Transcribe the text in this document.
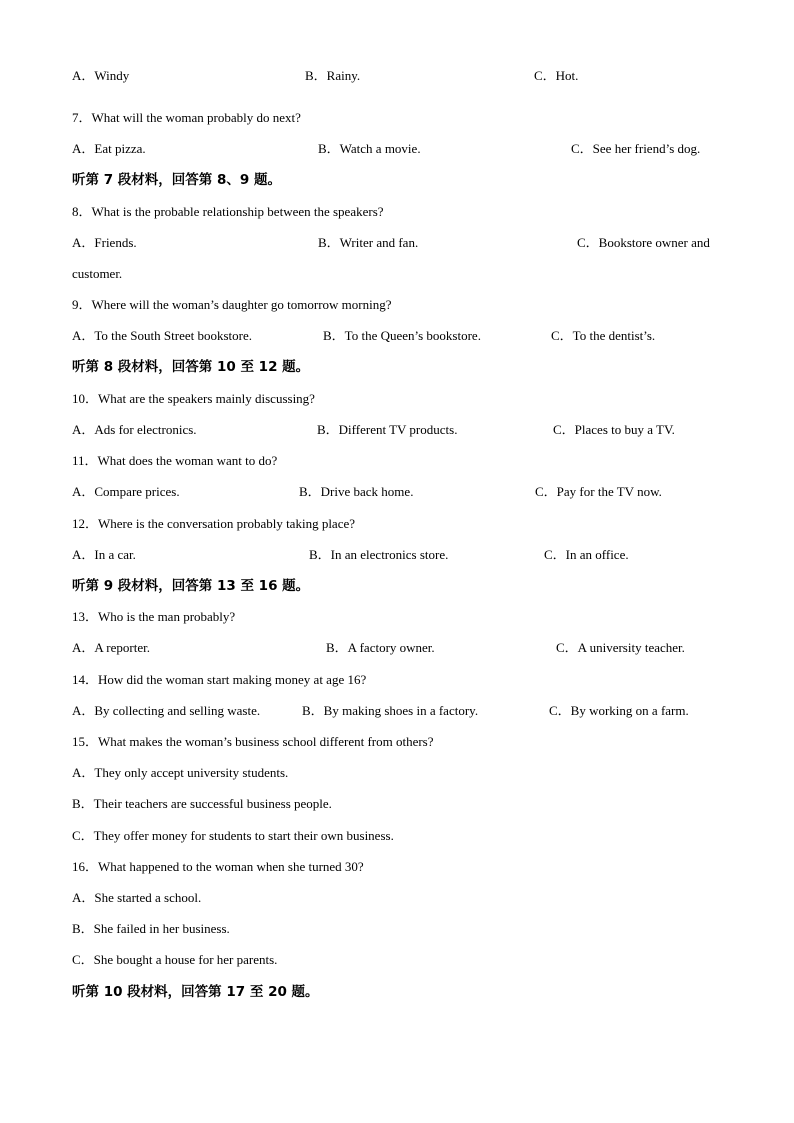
A．Windy	B．Rainy.	C．Hot.
7．What will the woman probably do next?
A．Eat pizza.	B．Watch a movie.	C．See her friend’s dog.
听第 7 段材料，回答第 8、9 题。
8．What is the probable relationship between the speakers?
A．Friends.	B．Writer and fan.	C．Bookstore owner and
customer.
9．Where will the woman’s daughter go tomorrow morning?
A．To the South Street bookstore.	B．To the Queen’s bookstore.	C．To the dentist’s.
听第 8 段材料，回答第 10 至 12 题。
10．What are the speakers mainly discussing?
A．Ads for electronics.	B．Different TV products.	C．Places to buy a TV.
11．What does the woman want to do?
A．Compare prices.	B．Drive back home.	C．Pay for the TV now.
12．Where is the conversation probably taking place?
A．In a car.	B．In an electronics store.	C．In an office.
听第 9 段材料，回答第 13 至 16 题。
13．Who is the man probably?
A．A reporter.	B．A factory owner.	C．A university teacher.
14．How did the woman start making money at age 16?
A．By collecting and selling waste.	B．By making shoes in a factory.	C．By working on a farm.
15．What makes the woman’s business school different from others?
A．They only accept university students.
B．Their teachers are successful business people.
C．They offer money for students to start their own business.
16．What happened to the woman when she turned 30?
A．She started a school.
B．She failed in her business.
C．She bought a house for her parents.
听第 10 段材料，回答第 17 至 20 题。
